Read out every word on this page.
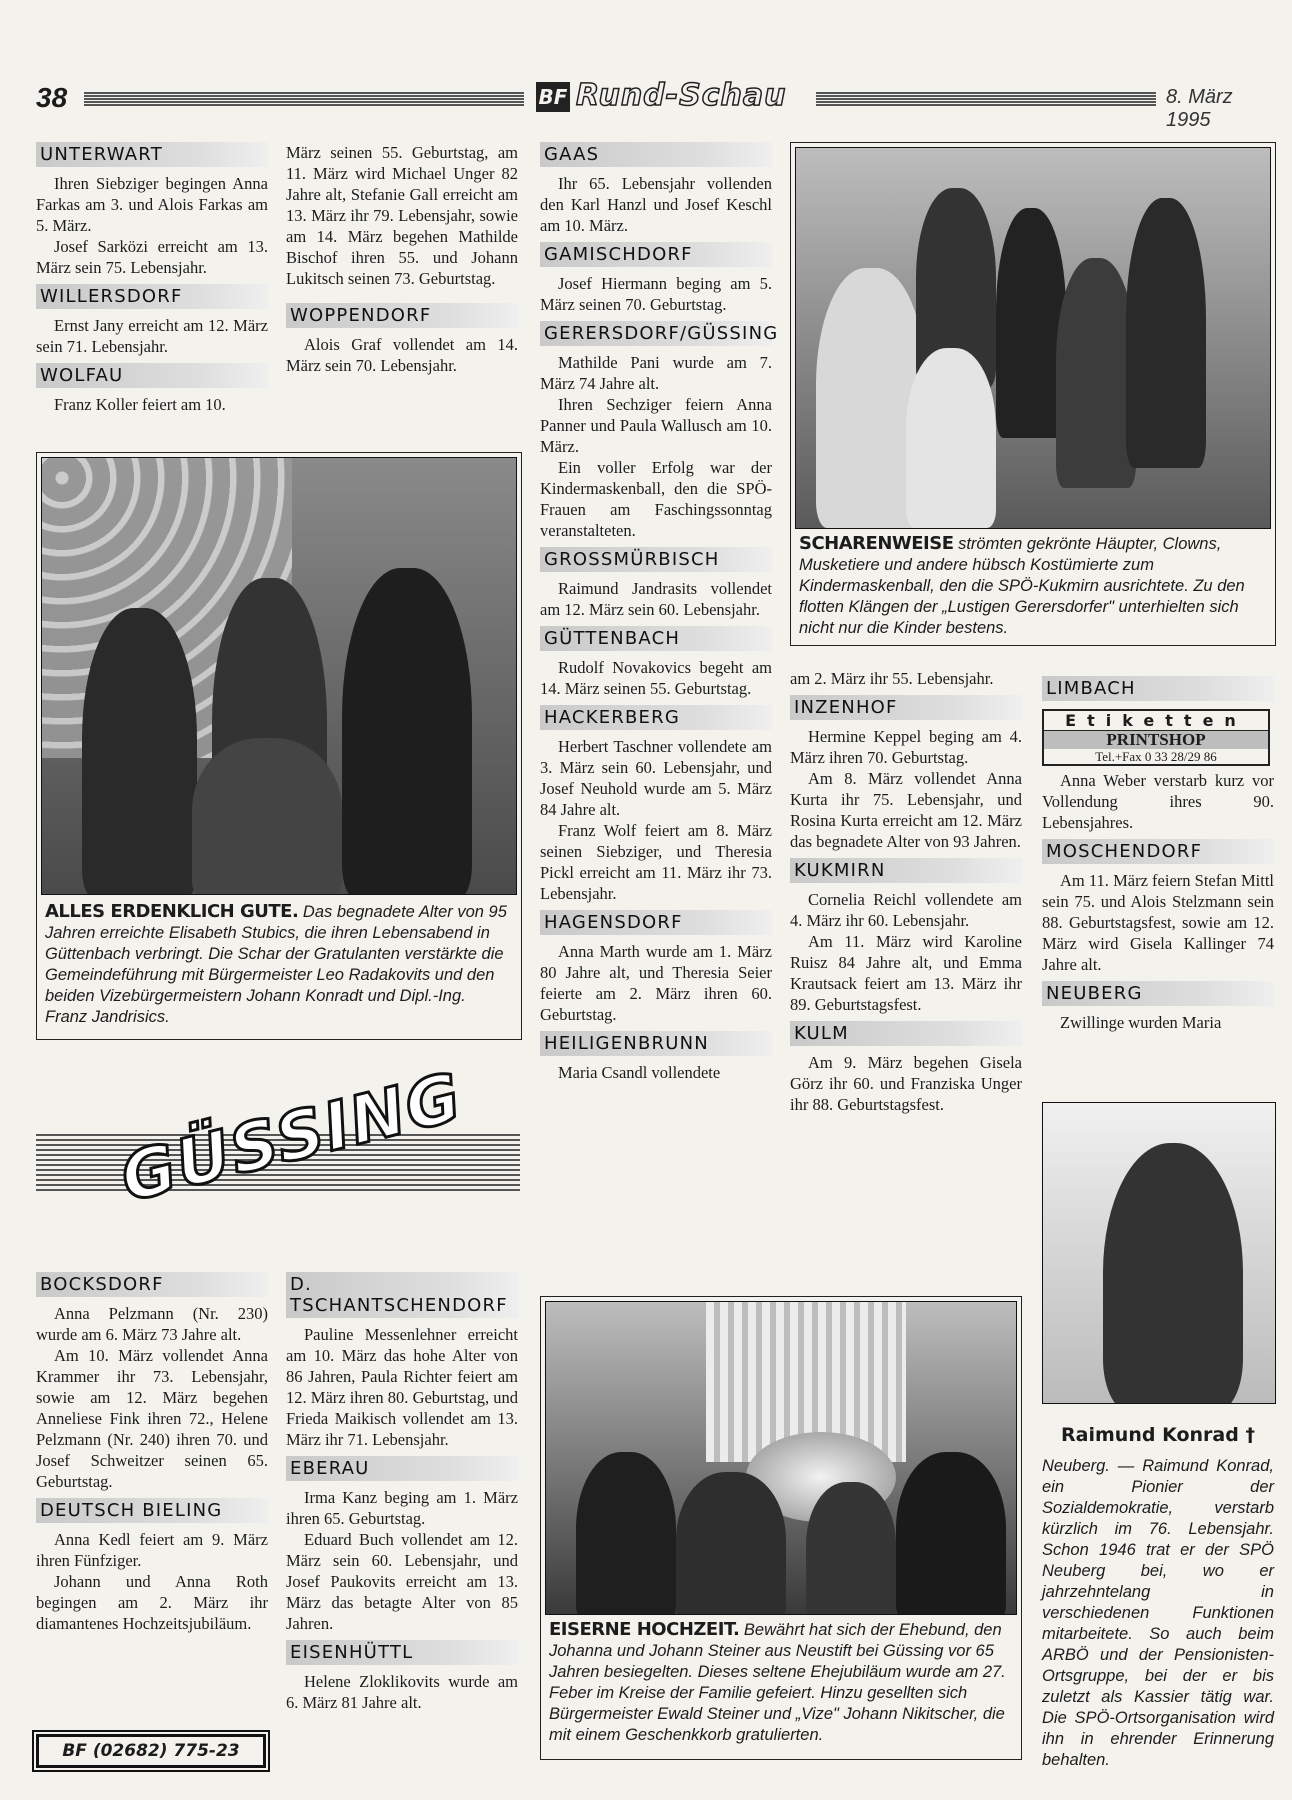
38	BF Rund-Schau	8. März 1995
UNTERWART

Ihren Siebziger begingen Anna Farkas am 3. und Alois Farkas am 5. März.

Josef Sarközi erreicht am 13. März sein 75. Lebensjahr.

WILLERSDORF

Ernst Jany erreicht am 12. März sein 71. Lebensjahr.

WOLFAU

Franz Koller feiert am 10.

März seinen 55. Geburtstag, am 11. März wird Michael Unger 82 Jahre alt, Stefanie Gall erreicht am 13. März ihr 79. Lebensjahr, sowie am 14. März begehen Mathilde Bischof ihren 55. und Johann Lukitsch seinen 73. Geburtstag.

WOPPENDORF

Alois Graf vollendet am 14. März sein 70. Lebensjahr.

ALLES ERDENKLICH GUTE. Das begnadete Alter von 95 Jahren erreichte Elisabeth Stubics, die ihren Lebensabend in Güttenbach verbringt. Die Schar der Gratulanten verstärkte die Gemeindeführung mit Bürgermeister Leo Radakovits und den beiden Vizebürgermeistern Johann Konradt und Dipl.-Ing. Franz Jandrisics.
GAAS

Ihr 65. Lebensjahr vollenden den Karl Hanzl und Josef Keschl am 10. März.

GAMISCHDORF

Josef Hiermann beging am 5. März seinen 70. Geburtstag.

GERERSDORF/GÜSSING

Mathilde Pani wurde am 7. März 74 Jahre alt.

Ihren Sechziger feiern Anna Panner und Paula Wallusch am 10. März.

Ein voller Erfolg war der Kindermaskenball, den die SPÖ-Frauen am Faschingssonntag veranstalteten.

GROSSMÜRBISCH

Raimund Jandrasits vollendet am 12. März sein 60. Lebensjahr.

GÜTTENBACH

Rudolf Novakovics begeht am 14. März seinen 55. Geburtstag.

HACKERBERG

Herbert Taschner vollendete am 3. März sein 60. Lebensjahr, und Josef Neuhold wurde am 5. März 84 Jahre alt.

Franz Wolf feiert am 8. März seinen Siebziger, und Theresia Pickl erreicht am 11. März ihr 73. Lebensjahr.

HAGENSDORF

Anna Marth wurde am 1. März 80 Jahre alt, und Theresia Seier feierte am 2. März ihren 60. Geburtstag.

HEILIGENBRUNN

Maria Csandl vollendete

SCHARENWEISE strömten gekrönte Häupter, Clowns, Musketiere und andere hübsch Kostümierte zum Kindermaskenball, den die SPÖ-Kukmirn ausrichtete. Zu den flotten Klängen der „Lustigen Gerersdorfer" unterhielten sich nicht nur die Kinder bestens.

am 2. März ihr 55. Lebensjahr.

INZENHOF

Hermine Keppel beging am 4. März ihren 70. Geburtstag.

Am 8. März vollendet Anna Kurta ihr 75. Lebensjahr, und Rosina Kurta erreicht am 12. März das begnadete Alter von 93 Jahren.

KUKMIRN

Cornelia Reichl vollendete am 4. März ihr 60. Lebensjahr.

Am 11. März wird Karoline Ruisz 84 Jahre alt, und Emma Krautsack feiert am 13. März ihr 89. Geburtstagsfest.

KULM

Am 9. März begehen Gisela Görz ihr 60. und Franziska Unger ihr 88. Geburtstagsfest.

LIMBACH
Etiketten
PRINTSHOP
Tel.+Fax 0 33 28/29 86

Anna Weber verstarb kurz vor Vollendung ihres 90. Lebensjahres.

MOSCHENDORF

Am 11. März feiern Stefan Mittl sein 75. und Alois Stelzmann sein 88. Geburtstagsfest, sowie am 12. März wird Gisela Kallinger 74 Jahre alt.

NEUBERG

Zwillinge wurden Maria

Raimund Konrad †
Neuberg. — Raimund Konrad, ein Pionier der Sozialdemokratie, verstarb kürzlich im 76. Lebensjahr. Schon 1946 trat er der SPÖ Neuberg bei, wo er jahrzehntelang in verschiedenen Funktionen mitarbeitete. So auch beim ARBÖ und der Pensionisten-Ortsgruppe, bei der er bis zuletzt als Kassier tätig war. Die SPÖ-Ortsorganisation wird ihn in ehrender Erinnerung behalten.
GÜSSING
BOCKSDORF

Anna Pelzmann (Nr. 230) wurde am 6. März 73 Jahre alt.

Am 10. März vollendet Anna Krammer ihr 73. Lebensjahr, sowie am 12. März begehen Anneliese Fink ihren 72., Helene Pelzmann (Nr. 240) ihren 70. und Josef Schweitzer seinen 65. Geburtstag.

DEUTSCH BIELING

Anna Kedl feiert am 9. März ihren Fünfziger.

Johann und Anna Roth begingen am 2. März ihr diamantenes Hochzeitsjubiläum.

BF (02682) 775-23
D. TSCHANTSCHENDORF

Pauline Messenlehner erreicht am 10. März das hohe Alter von 86 Jahren, Paula Richter feiert am 12. März ihren 80. Geburtstag, und Frieda Maikisch vollendet am 13. März ihr 71. Lebensjahr.

EBERAU

Irma Kanz beging am 1. März ihren 65. Geburtstag.

Eduard Buch vollendet am 12. März sein 60. Lebensjahr, und Josef Paukovits erreicht am 13. März das betagte Alter von 85 Jahren.

EISENHÜTTL

Helene Zloklikovits wurde am 6. März 81 Jahre alt.

EISERNE HOCHZEIT. Bewährt hat sich der Ehebund, den Johanna und Johann Steiner aus Neustift bei Güssing vor 65 Jahren besiegelten. Dieses seltene Ehejubiläum wurde am 27. Feber im Kreise der Familie gefeiert. Hinzu gesellten sich Bürgermeister Ewald Steiner und „Vize" Johann Nikitscher, die mit einem Geschenkkorb gratulierten.
